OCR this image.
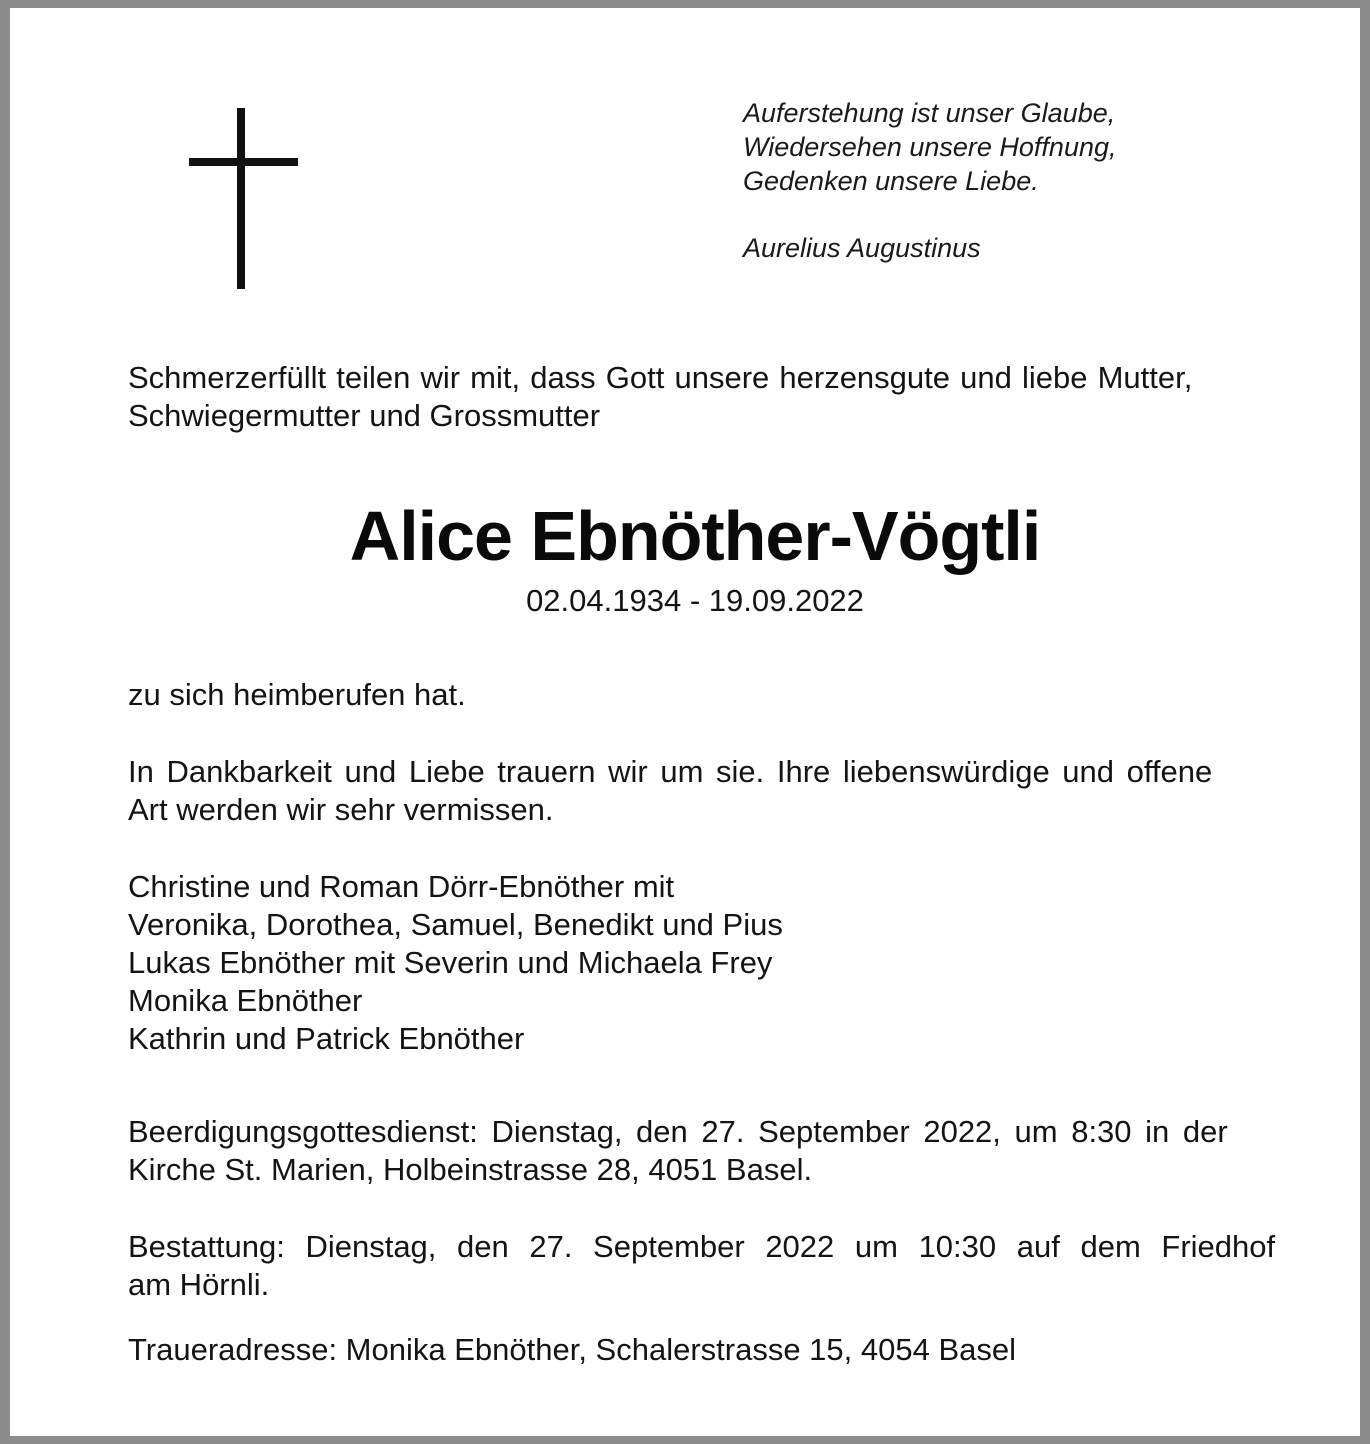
Auferstehung ist unser Glaube,
Wiedersehen unsere Hoffnung,
Gedenken unsere Liebe.
Aurelius Augustinus
Schmerzerfüllt teilen wir mit, dass Gott unsere herzensgute und liebe Mutter,
Schwiegermutter und Grossmutter
Alice Ebnöther-Vögtli
02.04.1934 - 19.09.2022
zu sich heimberufen hat.
In Dankbarkeit und Liebe trauern wir um sie. Ihre liebenswürdige und offene
Art werden wir sehr vermissen.
Christine und Roman Dörr-Ebnöther mit
Veronika, Dorothea, Samuel, Benedikt und Pius
Lukas Ebnöther mit Severin und Michaela Frey
Monika Ebnöther
Kathrin und Patrick Ebnöther
Beerdigungsgottesdienst: Dienstag, den 27. September 2022, um 8:30 in der
Kirche St. Marien, Holbeinstrasse 28, 4051 Basel.
Bestattung: Dienstag, den 27. September 2022 um 10:30 auf dem Friedhof
am Hörnli.
Traueradresse: Monika Ebnöther, Schalerstrasse 15, 4054 Basel
